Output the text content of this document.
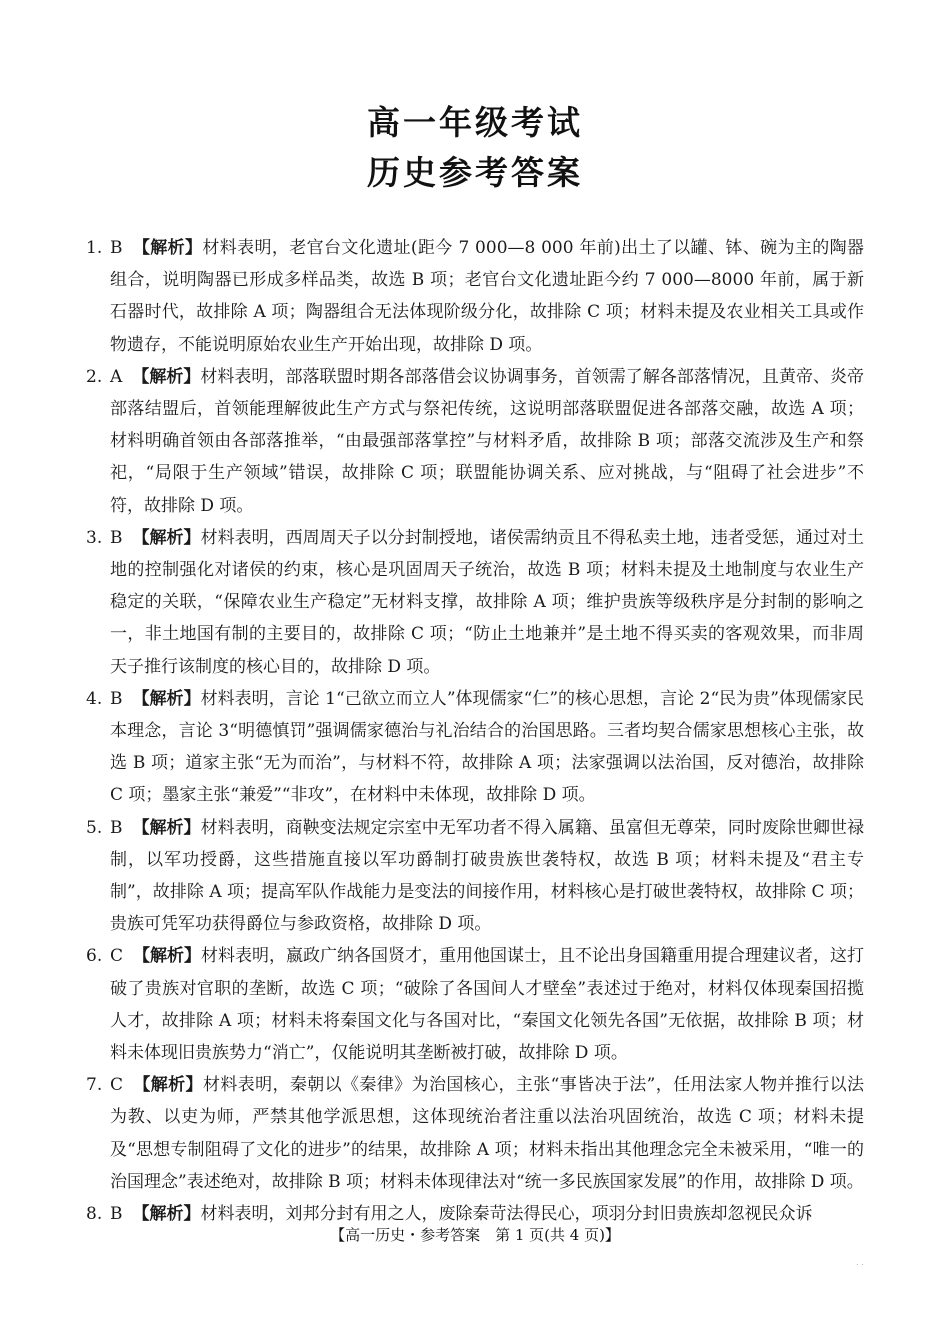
高一年级考试
历史参考答案

1. B 【解析】材料表明，老官台文化遗址(距今 7 000—8 000 年前)出土了以罐、钵、碗为主的陶器组合，说明陶器已形成多样品类，故选 B 项；老官台文化遗址距今约 7 000—8000 年前，属于新石器时代，故排除 A 项；陶器组合无法体现阶级分化，故排除 C 项；材料未提及农业相关工具或作物遗存，不能说明原始农业生产开始出现，故排除 D 项。

2. A 【解析】材料表明，部落联盟时期各部落借会议协调事务，首领需了解各部落情况，且黄帝、炎帝部落结盟后，首领能理解彼此生产方式与祭祀传统，这说明部落联盟促进各部落交融，故选 A 项；材料明确首领由各部落推举，“由最强部落掌控”与材料矛盾，故排除 B 项；部落交流涉及生产和祭祀，“局限于生产领域”错误，故排除 C 项；联盟能协调关系、应对挑战，与“阻碍了社会进步”不符，故排除 D 项。

3. B 【解析】材料表明，西周周天子以分封制授地，诸侯需纳贡且不得私卖土地，违者受惩，通过对土地的控制强化对诸侯的约束，核心是巩固周天子统治，故选 B 项；材料未提及土地制度与农业生产稳定的关联，“保障农业生产稳定”无材料支撑，故排除 A 项；维护贵族等级秩序是分封制的影响之一，非土地国有制的主要目的，故排除 C 项；“防止土地兼并”是土地不得买卖的客观效果，而非周天子推行该制度的核心目的，故排除 D 项。

4. B 【解析】材料表明，言论 1“己欲立而立人”体现儒家“仁”的核心思想，言论 2“民为贵”体现儒家民本理念，言论 3“明德慎罚”强调儒家德治与礼治结合的治国思路。三者均契合儒家思想核心主张，故选 B 项；道家主张“无为而治”，与材料不符，故排除 A 项；法家强调以法治国，反对德治，故排除 C 项；墨家主张“兼爱”“非攻”，在材料中未体现，故排除 D 项。

5. B 【解析】材料表明，商鞅变法规定宗室中无军功者不得入属籍、虽富但无尊荣，同时废除世卿世禄制，以军功授爵，这些措施直接以军功爵制打破贵族世袭特权，故选 B 项；材料未提及“君主专制”，故排除 A 项；提高军队作战能力是变法的间接作用，材料核心是打破世袭特权，故排除 C 项；贵族可凭军功获得爵位与参政资格，故排除 D 项。

6. C 【解析】材料表明，嬴政广纳各国贤才，重用他国谋士，且不论出身国籍重用提合理建议者，这打破了贵族对官职的垄断，故选 C 项；“破除了各国间人才壁垒”表述过于绝对，材料仅体现秦国招揽人才，故排除 A 项；材料未将秦国文化与各国对比，“秦国文化领先各国”无依据，故排除 B 项；材料未体现旧贵族势力“消亡”，仅能说明其垄断被打破，故排除 D 项。

7. C 【解析】材料表明，秦朝以《秦律》为治国核心，主张“事皆决于法”，任用法家人物并推行以法为教、以吏为师，严禁其他学派思想，这体现统治者注重以法治巩固统治，故选 C 项；材料未提及“思想专制阻碍了文化的进步”的结果，故排除 A 项；材料未指出其他理念完全未被采用，“唯一的治国理念”表述绝对，故排除 B 项；材料未体现律法对“统一多民族国家发展”的作用，故排除 D 项。

8. B 【解析】材料表明，刘邦分封有用之人，废除秦苛法得民心，项羽分封旧贵族却忽视民众诉

【高一历史・参考答案　第 1 页(共 4 页)】
. .
